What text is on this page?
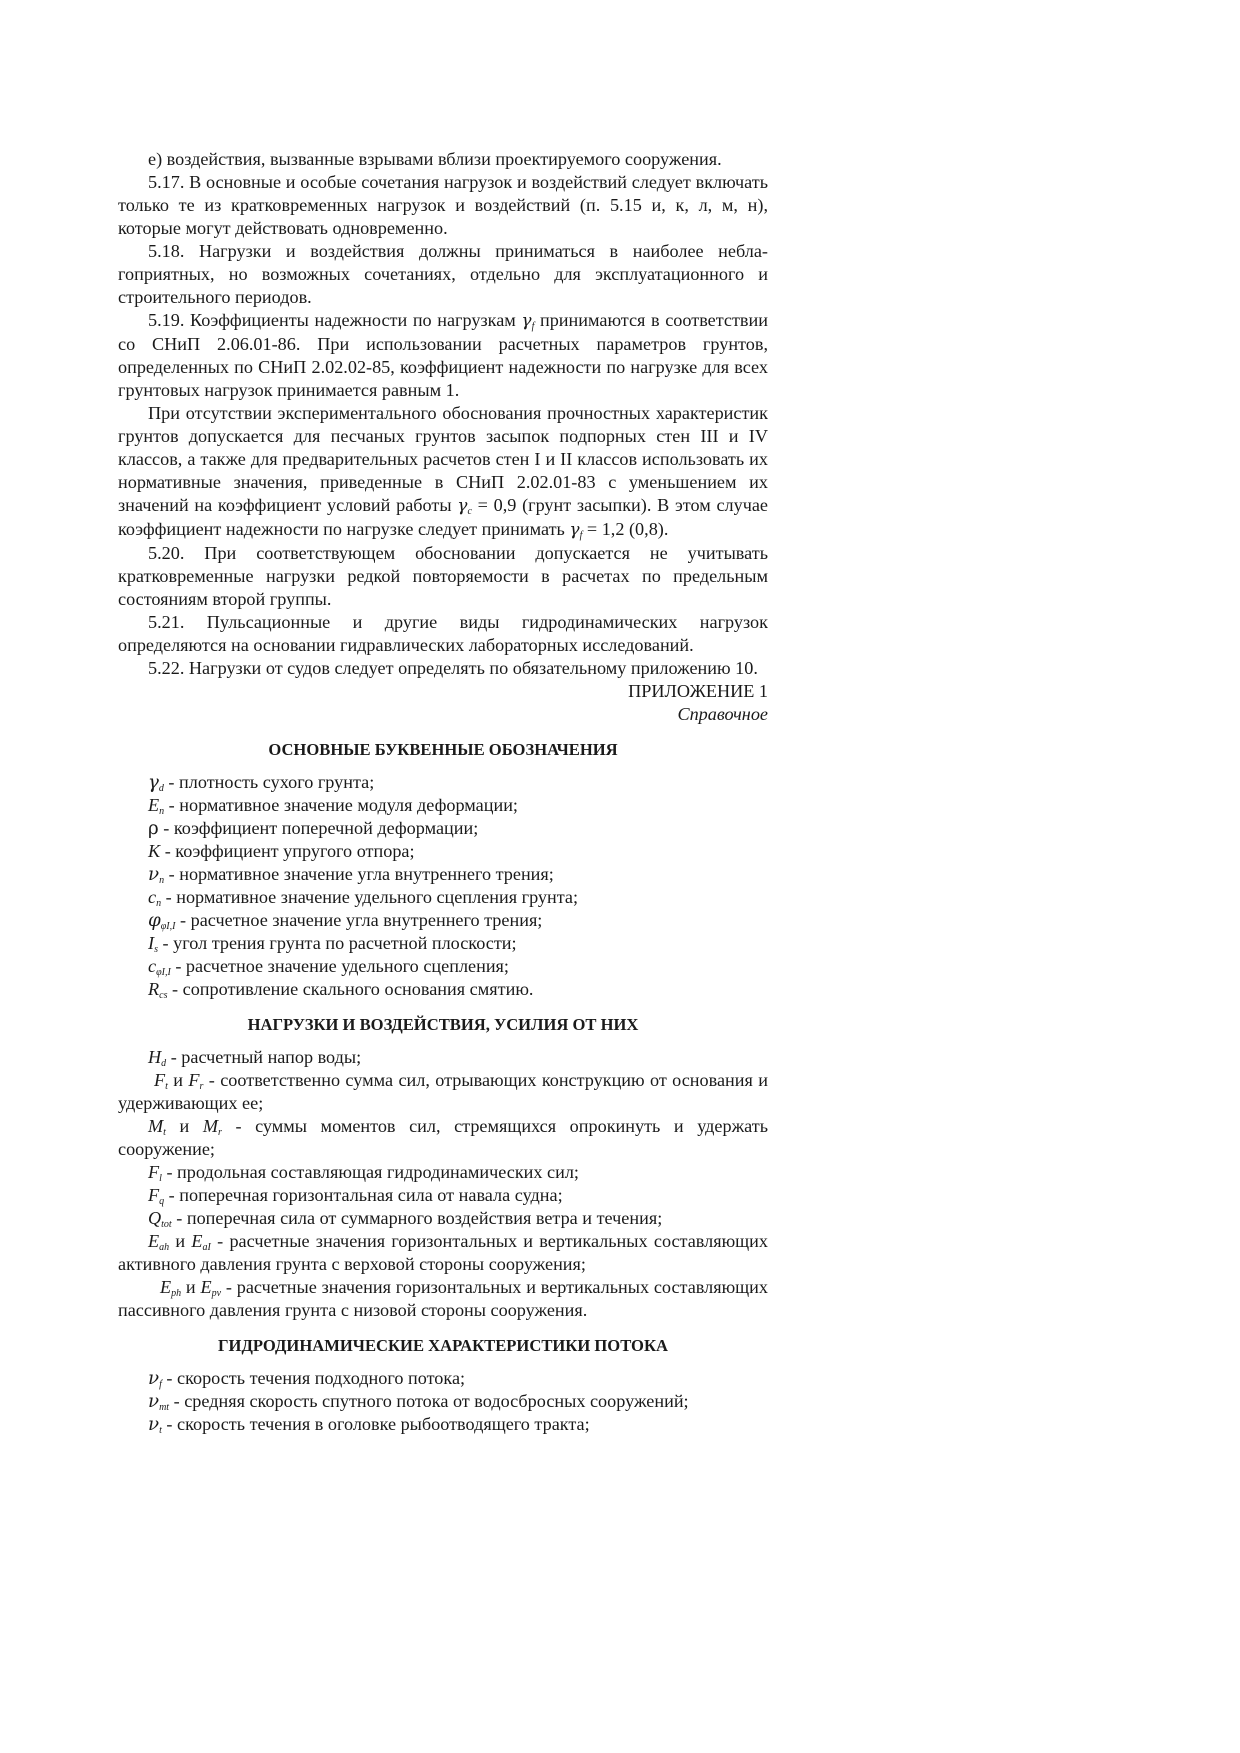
е) воздействия, вызванные взрывами вблизи проектируемого сооружения.

5.17. В основные и особые сочетания нагрузок и воздействий следует включать только те из кратковременных нагрузок и воздействий (п. 5.15 и, к, л, м, н), которые могут действовать одновременно.

5.18. Нагрузки и воздействия должны приниматься в наиболее небла-гоприятных, но возможных сочетаниях, отдельно для эксплуатационного и строительного периодов.

5.19. Коэффициенты надежности по нагрузкам $\gamma_f$ принимаются в соответствии со СНиП 2.06.01-86. При использовании расчетных параметров грунтов, определенных по СНиП 2.02.02-85, коэффициент надежности по нагрузке для всех грунтовых нагрузок принимается равным 1.

При отсутствии экспериментального обоснования прочностных характеристик грунтов допускается для песчаных грунтов засыпок подпорных стен III и IV классов, а также для предварительных расчетов стен I и II классов использовать их нормативные значения, приведенные в СНиП 2.02.01-83 с уменьшением их значений на коэффициент условий работы $\gamma_c = 0,9$ (грунт засыпки). В этом случае коэффициент надежности по нагрузке следует принимать $\gamma_f = 1,2$ (0,8).

5.20. При соответствующем обосновании допускается не учитывать кратковременные нагрузки редкой повторяемости в расчетах по предельным состояниям второй группы.

5.21. Пульсационные и другие виды гидродинамических нагрузок определяются на основании гидравлических лабораторных исследований.

5.22. Нагрузки от судов следует определять по обязательному приложению 10.

ПРИЛОЖЕНИЕ 1

Справочное

ОСНОВНЫЕ БУКВЕННЫЕ ОБОЗНАЧЕНИЯ

$\gamma_d$ - плотность сухого грунта;

$E_n$ - нормативное значение модуля деформации;

ρ - коэффициент поперечной деформации;

K - коэффициент упругого отпора;

$\nu_n$ - нормативное значение угла внутреннего трения;

$c_n$ - нормативное значение удельного сцепления грунта;

$\varphi_{\varphi I,I}$ - расчетное значение угла внутреннего трения;

$I_s$ - угол трения грунта по расчетной плоскости;

$c_{\varphi I,I}$ - расчетное значение удельного сцепления;

$R_{cs}$ - сопротивление скального основания смятию.

НАГРУЗКИ И ВОЗДЕЙСТВИЯ, УСИЛИЯ ОТ НИХ

$H_d$ - расчетный напор воды;

$F_t$ и $F_r$ - соответственно сумма сил, отрывающих конструкцию от основания и удерживающих ее;

$M_t$ и $M_r$ - суммы моментов сил, стремящихся опрокинуть и удержать сооружение;

$F_l$ - продольная составляющая гидродинамических сил;

$F_q$ - поперечная горизонтальная сила от навала судна;

$Q_{tot}$ - поперечная сила от суммарного воздействия ветра и течения;

$E_{ah}$ и $E_{aI}$ - расчетные значения горизонтальных и вертикальных составляющих активного давления грунта с верховой стороны сооружения;

$E_{ph}$ и $E_{pv}$ - расчетные значения горизонтальных и вертикальных составляющих пассивного давления грунта с низовой стороны сооружения.

ГИДРОДИНАМИЧЕСКИЕ ХАРАКТЕРИСТИКИ ПОТОКА

$\nu_f$ - скорость течения подходного потока;

$\nu_{mt}$ - средняя скорость спутного потока от водосбросных сооружений;

$\nu_t$ - скорость течения в оголовке рыбоотводящего тракта;
